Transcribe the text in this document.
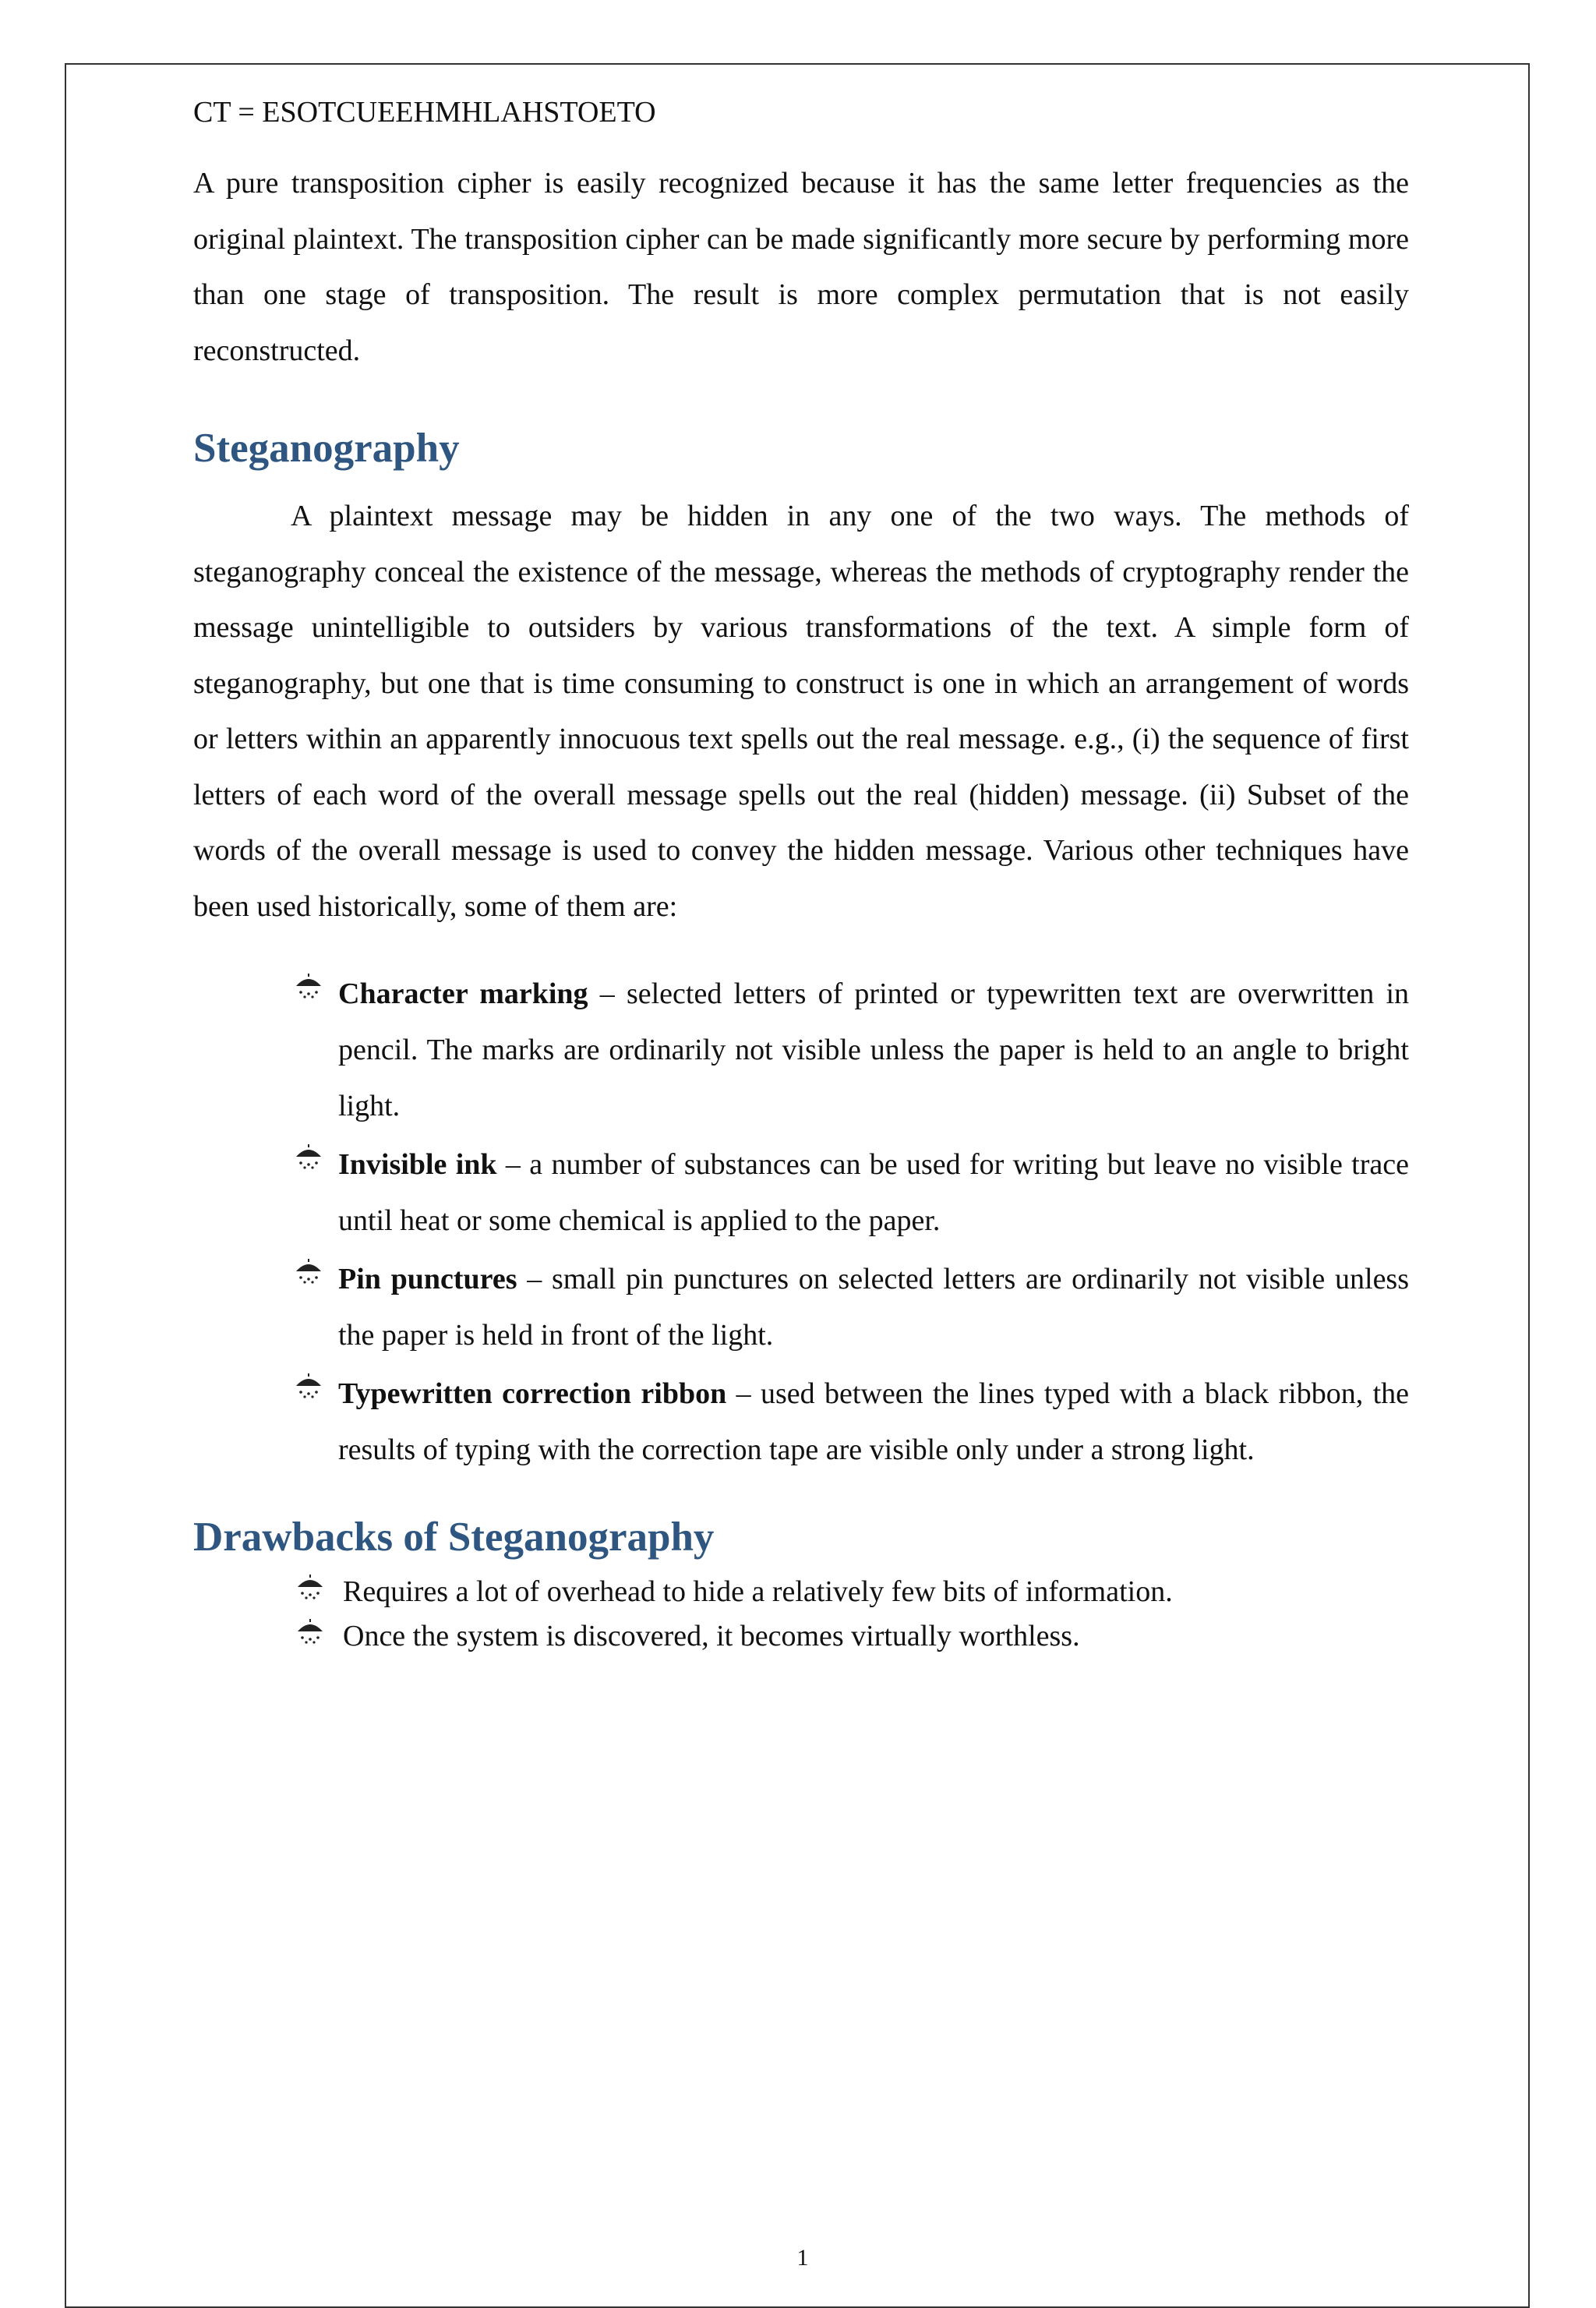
CT = ESOTCUEEHMHLAHSTOETO

A pure transposition cipher is easily recognized because it has the same letter frequencies as the original plaintext. The transposition cipher can be made significantly more secure by performing more than one stage of transposition. The result is more complex permutation that is not easily reconstructed.

Steganography

A plaintext message may be hidden in any one of the two ways. The methods of steganography conceal the existence of the message, whereas the methods of cryptography render the message unintelligible to outsiders by various transformations of the text. A simple form of steganography, but one that is time consuming to construct is one in which an arrangement of words or letters within an apparently innocuous text spells out the real message. e.g., (i) the sequence of first letters of each word of the overall message spells out the real (hidden) message. (ii) Subset of the words of the overall message is used to convey the hidden message. Various other techniques have been used historically, some of them are:

Character marking – selected letters of printed or typewritten text are overwritten in pencil. The marks are ordinarily not visible unless the paper is held to an angle to bright light.
Invisible ink – a number of substances can be used for writing but leave no visible trace until heat or some chemical is applied to the paper.
Pin punctures – small pin punctures on selected letters are ordinarily not visible unless the paper is held in front of the light.
Typewritten correction ribbon – used between the lines typed with a black ribbon, the results of typing with the correction tape are visible only under a strong light.
Drawbacks of Steganography
Requires a lot of overhead to hide a relatively few bits of information.
Once the system is discovered, it becomes virtually worthless.
1
